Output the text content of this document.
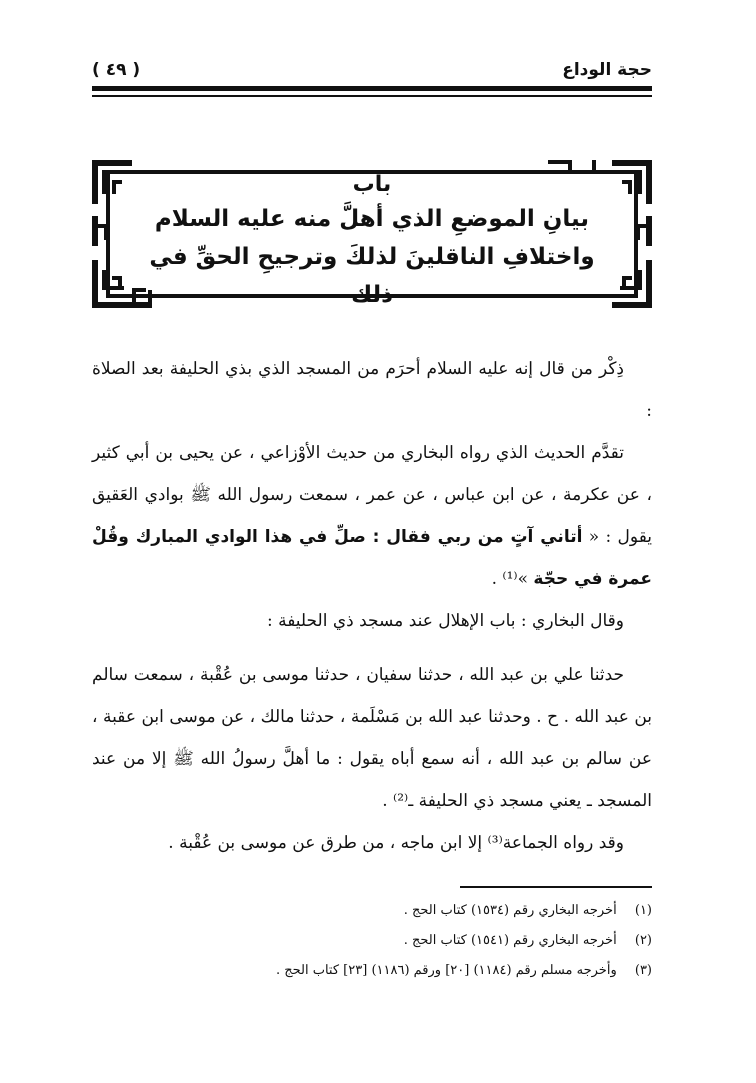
( ٤٩ )	حجة الوداع
باب
بيانِ الموضعِ الذي أهلَّ منه عليه السلام
واختلافِ الناقلينَ لذلكَ وترجيحِ الحقِّ في ذلك
ذِكْر من قال إنه عليه السلام أحرَم من المسجد الذي بذي الحليفة بعد الصلاة :
تقدَّم الحديث الذي رواه البخاري من حديث الأوْزاعي ، عن يحيى بن أبي كثير ، عن عكرمة ، عن ابن عباس ، عن عمر ، سمعت رسول الله ﷺ بوادي العَقيق يقول : « أتاني آتٍ من ربي فقال : صلِّ في هذا الوادي المبارك وقُلْ عمرة في حجّة »⁽¹⁾ .
وقال البخاري : باب الإهلال عند مسجد ذي الحليفة :
حدثنا علي بن عبد الله ، حدثنا سفيان ، حدثنا موسى بن عُقْبة ، سمعت سالم بن عبد الله . ح . وحدثنا عبد الله بن مَسْلَمة ، حدثنا مالك ، عن موسى ابن عقبة ، عن سالم بن عبد الله ، أنه سمع أباه يقول : ما أهلَّ رسولُ الله ﷺ إلا من عند المسجد ـ يعني مسجد ذي الحليفة ـ⁽²⁾ .
وقد رواه الجماعة⁽³⁾ إلا ابن ماجه ، من طرق عن موسى بن عُقْبة .
(١) أخرجه البخاري رقم (١٥٣٤) كتاب الحج .
(٢) أخرجه البخاري رقم (١٥٤١) كتاب الحج .
(٣) وأخرجه مسلم رقم (١١٨٤) [٢٠] ورقم (١١٨٦) [٢٣] كتاب الحج .
